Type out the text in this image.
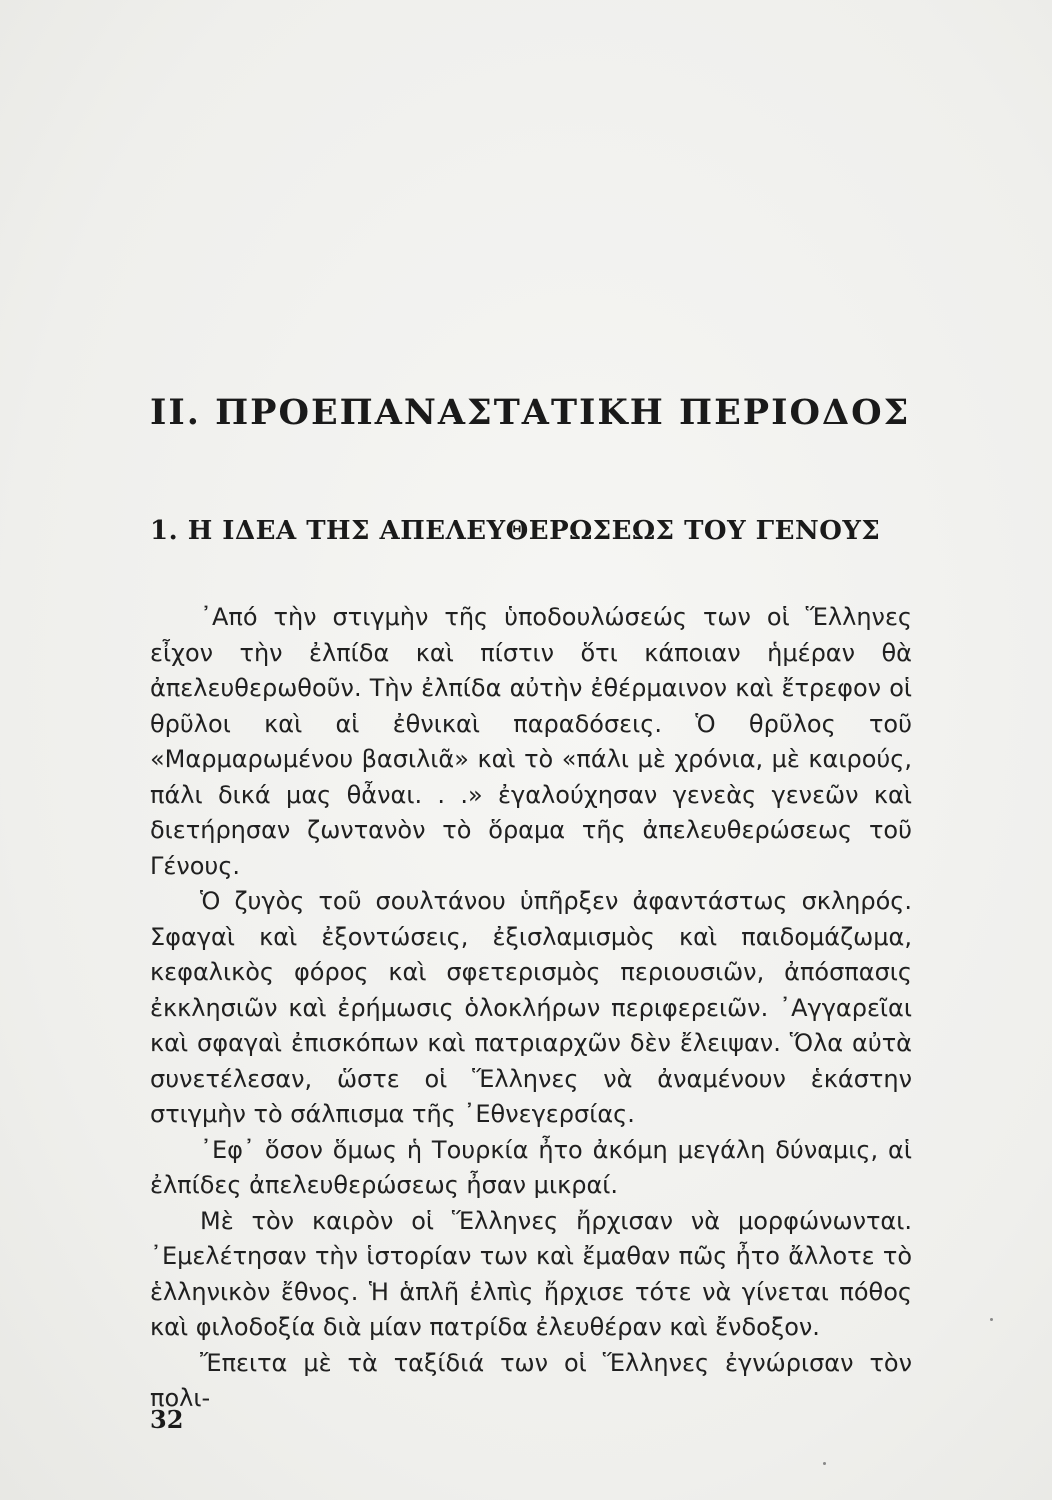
II. ΠΡΟΕΠΑΝΑΣΤΑΤΙΚΗ ΠΕΡΙΟΔΟΣ
1. Η ΙΔΕΑ ΤΗΣ ΑΠΕΛΕΥΘΕΡΩΣΕΩΣ ΤΟΥ ΓΕΝΟΥΣ

᾿Από τὴν στιγμὴν τῆς ὑποδουλώσεώς των οἱ Ἕλληνες εἶχον τὴν ἐλπίδα καὶ πίστιν ὅτι κάποιαν ἡμέραν θὰ ἀπελευθερωθοῦν. Τὴν ἐλπίδα αὐτὴν ἐθέρμαινον καὶ ἔτρεφον οἱ θρῦλοι καὶ αἱ ἐθνικαὶ παραδόσεις. Ὁ θρῦλος τοῦ «Μαρμαρωμένου βασιλιᾶ» καὶ τὸ «πάλι μὲ χρόνια, μὲ καιρούς, πάλι δικά μας θἆναι. . .» ἐγαλούχησαν γενεὰς γενεῶν καὶ διετήρησαν ζωντανὸν τὸ ὅραμα τῆς ἀπελευθερώσεως τοῦ Γένους.

Ὁ ζυγὸς τοῦ σουλτάνου ὑπῆρξεν ἀφαντάστως σκληρός. Σφαγαὶ καὶ ἐξοντώσεις, ἐξισλαμισμὸς καὶ παιδομάζωμα, κεφαλικὸς φόρος καὶ σφετερισμὸς περιουσιῶν, ἀπόσπασις ἐκκλησιῶν καὶ ἐρήμωσις ὁλοκλήρων περιφερειῶν. ᾿Αγγαρεῖαι καὶ σφαγαὶ ἐπισκόπων καὶ πατριαρχῶν δὲν ἔλειψαν. Ὅλα αὐτὰ συνετέλεσαν, ὥστε οἱ Ἕλληνες νὰ ἀναμένουν ἑκάστην στιγμὴν τὸ σάλπισμα τῆς ᾿Εθνεγερσίας.

᾿Εφ᾿ ὅσον ὅμως ἡ Τουρκία ἦτο ἀκόμη μεγάλη δύναμις, αἱ ἐλπίδες ἀπελευθερώσεως ἦσαν μικραί.

Μὲ τὸν καιρὸν οἱ Ἕλληνες ἤρχισαν νὰ μορφώνωνται. ᾿Εμελέτησαν τὴν ἱστορίαν των καὶ ἔμαθαν πῶς ἦτο ἄλλοτε τὸ ἑλληνικὸν ἔθνος. Ἡ ἁπλῆ ἐλπὶς ἤρχισε τότε νὰ γίνεται πόθος καὶ φιλοδοξία διὰ μίαν πατρίδα ἐλευθέραν καὶ ἔνδοξον.

Ἔπειτα μὲ τὰ ταξίδιά των οἱ Ἕλληνες ἐγνώρισαν τὸν πολι-

32
